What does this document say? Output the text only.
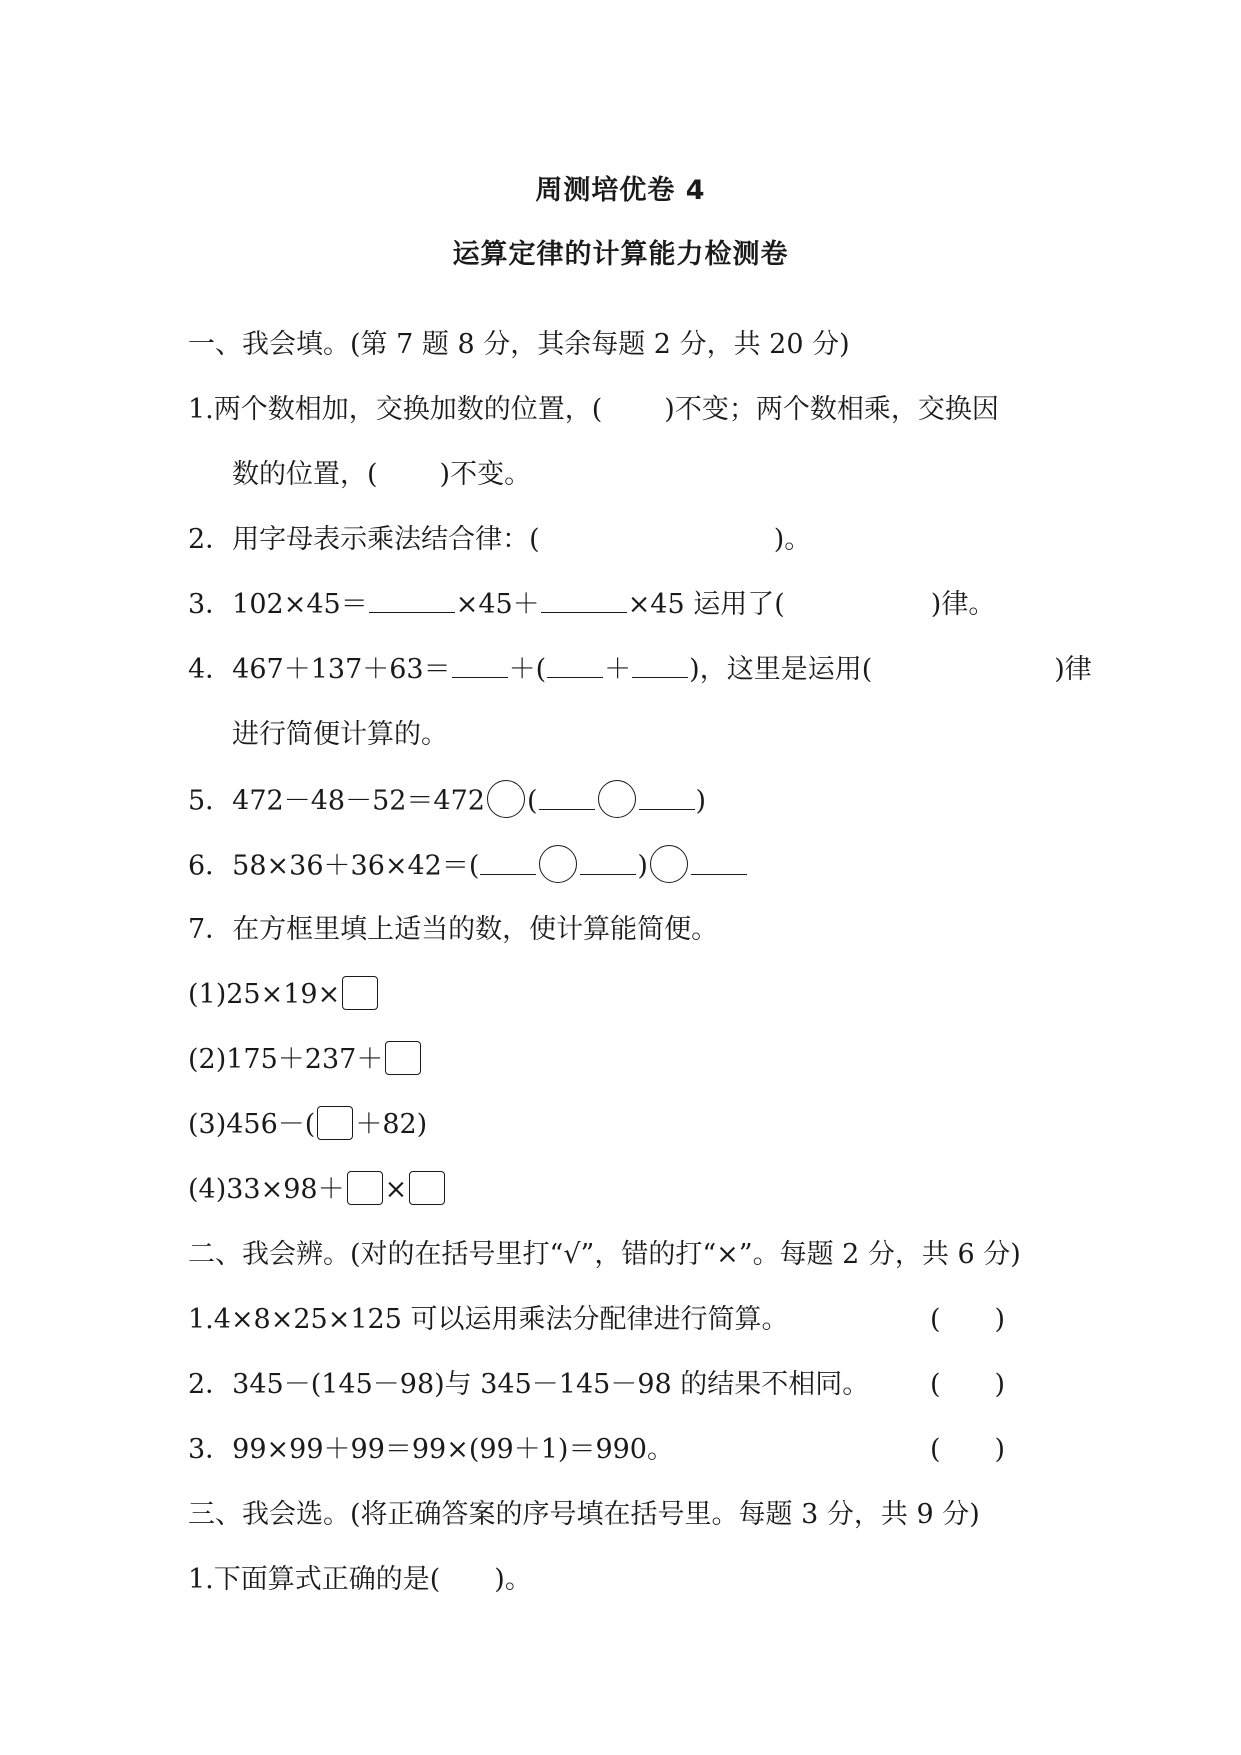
周测培优卷 4
运算定律的计算能力检测卷
一、我会填。(第 7 题 8 分，其余每题 2 分，共 20 分)
1.两个数相加，交换加数的位置，( )不变；两个数相乘，交换因
数的位置，( )不变。
2．用字母表示乘法结合律：(	)。
3．102×45＝	×45＋	×45 运用了(	)律。
4．467＋137＋63＝ ＋( ＋ )，这里是运用(	)律
进行简便计算的。
5．472－48－52＝472 (	)
6．58×36＋36×42＝(	)
7．在方框里填上适当的数，使计算能简便。
(1)25×19×
(2)175＋237＋
(3)456－( ＋82)
(4)33×98＋ ×
二、我会辨。(对的在括号里打“√”，错的打“×”。每题 2 分，共 6 分)
1.4×8×25×125 可以运用乘法分配律进行简算。	(　　)
2．345－(145－98)与 345－145－98 的结果不相同。 (　　)
3．99×99＋99＝99×(99＋1)＝990。	(　　)
三、我会选。(将正确答案的序号填在括号里。每题 3 分，共 9 分)
1.下面算式正确的是(　　)。
